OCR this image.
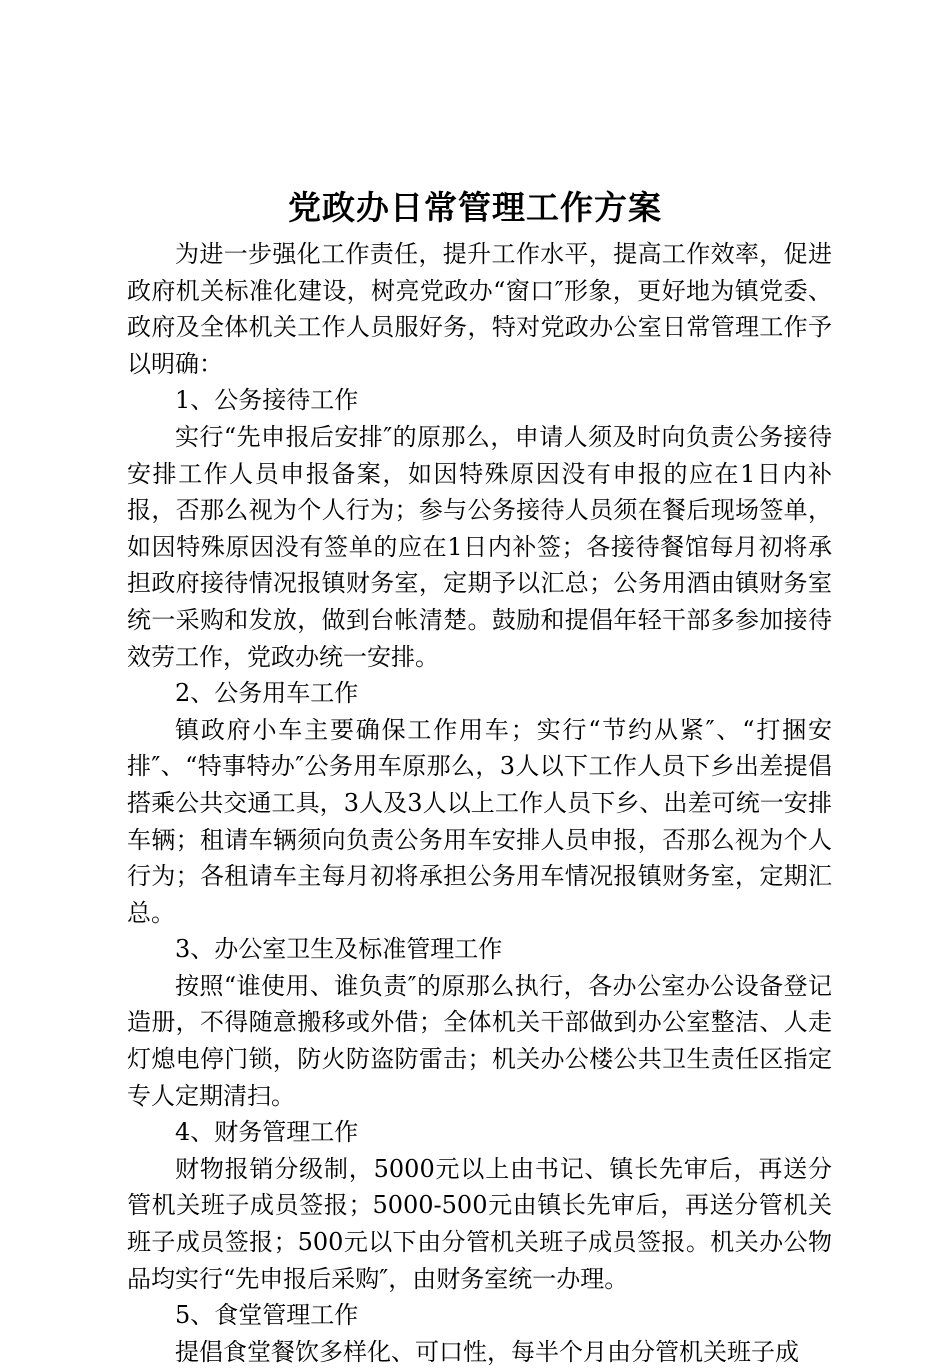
党政办日常管理工作方案

为进一步强化工作责任，提升工作水平，提高工作效率，促进政府机关标准化建设，树亮党政办“窗口″形象，更好地为镇党委、政府及全体机关工作人员服好务，特对党政办公室日常管理工作予以明确：

1、公务接待工作

实行“先申报后安排″的原那么，申请人须及时向负责公务接待安排工作人员申报备案，如因特殊原因没有申报的应在1日内补报，否那么视为个人行为；参与公务接待人员须在餐后现场签单，如因特殊原因没有签单的应在1日内补签；各接待餐馆每月初将承担政府接待情况报镇财务室，定期予以汇总；公务用酒由镇财务室统一采购和发放，做到台帐清楚。鼓励和提倡年轻干部多参加接待效劳工作，党政办统一安排。

2、公务用车工作

镇政府小车主要确保工作用车；实行“节约从紧″、“打捆安排″、“特事特办″公务用车原那么，3人以下工作人员下乡出差提倡搭乘公共交通工具，3人及3人以上工作人员下乡、出差可统一安排车辆；租请车辆须向负责公务用车安排人员申报，否那么视为个人行为；各租请车主每月初将承担公务用车情况报镇财务室，定期汇总。

3、办公室卫生及标准管理工作

按照“谁使用、谁负责″的原那么执行，各办公室办公设备登记造册，不得随意搬移或外借；全体机关干部做到办公室整洁、人走灯熄电停门锁，防火防盗防雷击；机关办公楼公共卫生责任区指定专人定期清扫。

4、财务管理工作

财物报销分级制，5000元以上由书记、镇长先审后，再送分管机关班子成员签报；5000-500元由镇长先审后，再送分管机关班子成员签报；500元以下由分管机关班子成员签报。机关办公物品均实行“先申报后采购″，由财务室统一办理。

5、食堂管理工作

提倡食堂餐饮多样化、可口性，每半个月由分管机关班子成
